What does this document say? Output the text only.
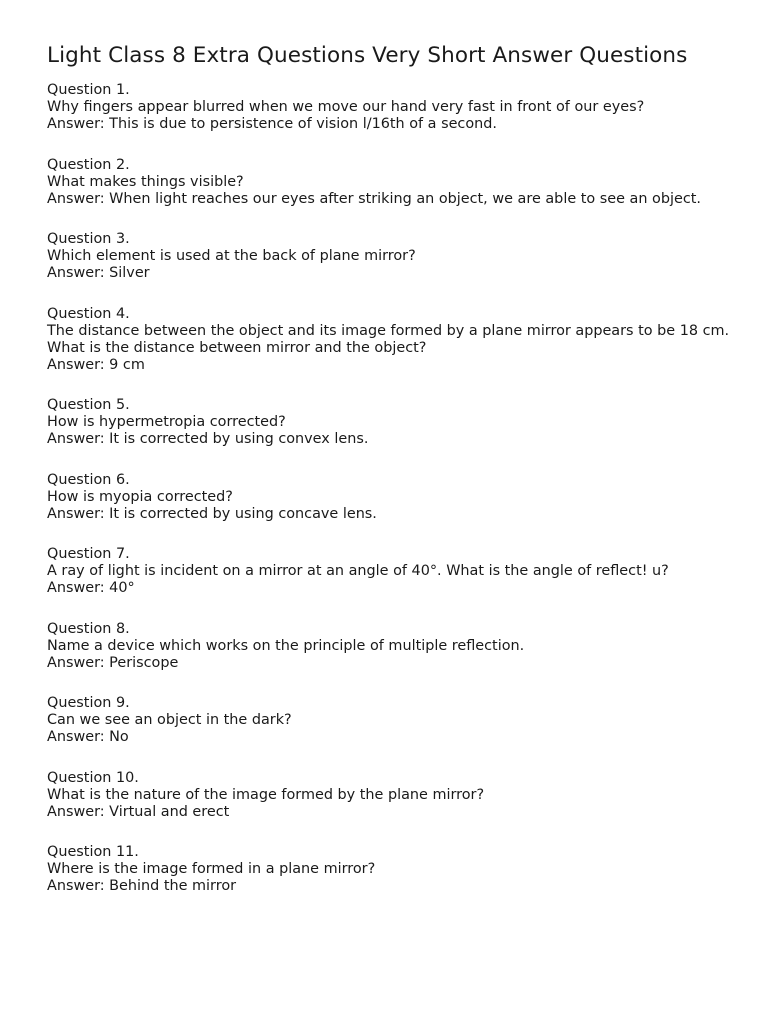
Light Class 8 Extra Questions Very Short Answer Questions
Question 1.
Why fingers appear blurred when we move our hand very fast in front of our eyes?
Answer: This is due to persistence of vision l/16th of a second.
Question 2.
What makes things visible?
Answer: When light reaches our eyes after striking an object, we are able to see an object.
Question 3.
Which element is used at the back of plane mirror?
Answer: Silver
Question 4.
The distance between the object and its image formed by a plane mirror appears to be 18 cm. What is the distance between mirror and the object?
Answer: 9 cm
Question 5.
How is hypermetropia corrected?
Answer: It is corrected by using convex lens.
Question 6.
How is myopia corrected?
Answer: It is corrected by using concave lens.
Question 7.
A ray of light is incident on a mirror at an angle of 40°. What is the angle of reflect! u?
Answer: 40°
Question 8.
Name a device which works on the principle of multiple reflection.
Answer: Periscope
Question 9.
Can we see an object in the dark?
Answer: No
Question 10.
What is the nature of the image formed by the plane mirror?
Answer: Virtual and erect
Question 11.
Where is the image formed in a plane mirror?
Answer: Behind the mirror
